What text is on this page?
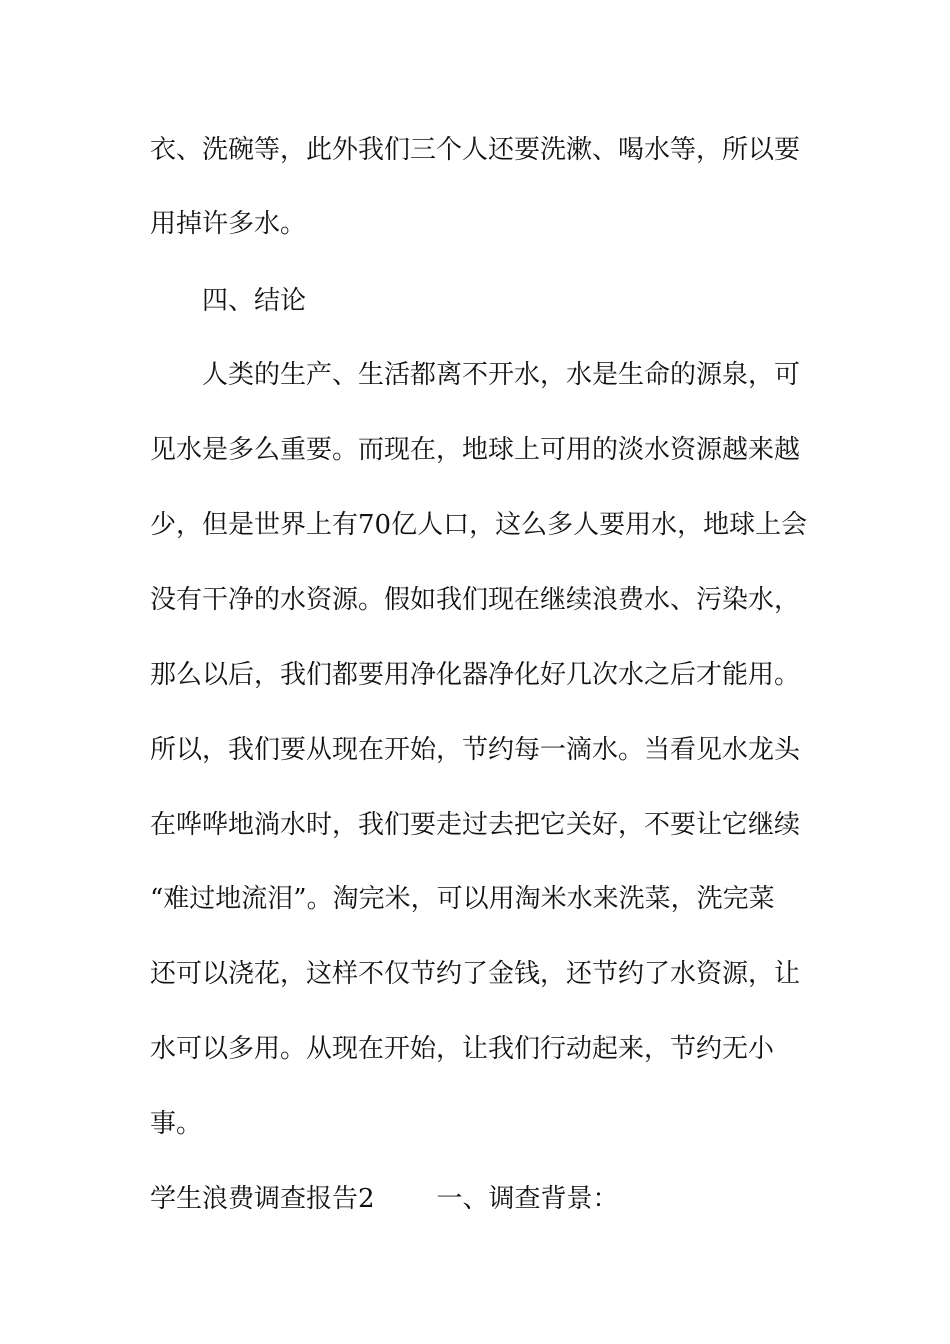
衣、洗碗等，此外我们三个人还要洗漱、喝水等，所以要
用掉许多水。
四、结论
人类的生产、生活都离不开水，水是生命的源泉，可
见水是多么重要。而现在，地球上可用的淡水资源越来越
少，但是世界上有70亿人口，这么多人要用水，地球上会
没有干净的水资源。假如我们现在继续浪费水、污染水，
那么以后，我们都要用净化器净化好几次水之后才能用。
所以，我们要从现在开始，节约每一滴水。当看见水龙头
在哗哗地淌水时，我们要走过去把它关好，不要让它继续
“难过地流泪”。淘完米，可以用淘米水来洗菜，洗完菜
还可以浇花，这样不仅节约了金钱，还节约了水资源，让
水可以多用。从现在开始，让我们行动起来，节约无小
事。
学生浪费调查报告2 一、调查背景：
